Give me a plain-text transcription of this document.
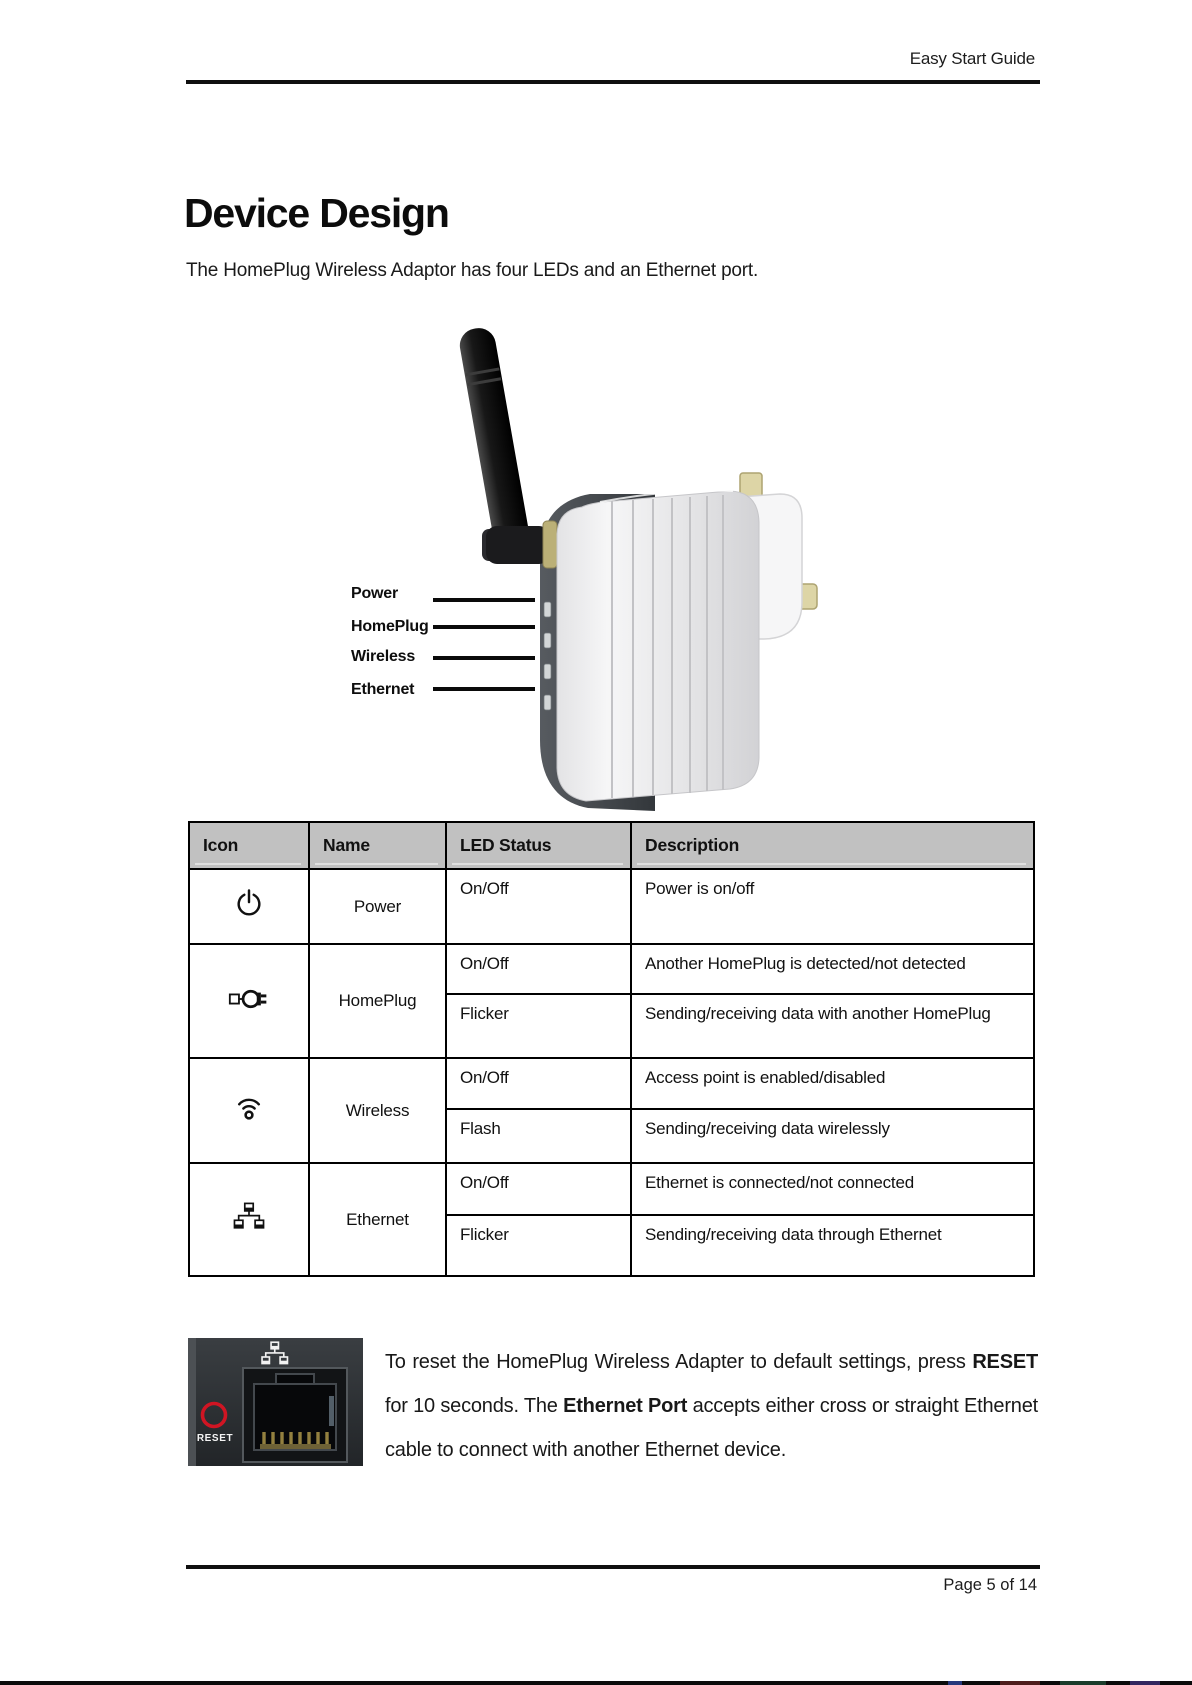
Easy Start Guide
Device Design
The HomePlug Wireless Adaptor has four LEDs and an Ethernet port.
Power
HomePlug
Wireless
Ethernet
Icon	Name	LED Status	Description
	Power	On/Off	Power is on/off
	HomePlug	On/Off	Another HomePlug is detected/not detected
		Flicker	Sending/receiving data with another HomePlug
	Wireless	On/Off	Access point is enabled/disabled
		Flash	Sending/receiving data wirelessly
	Ethernet	On/Off	Ethernet is connected/not connected
		Flicker	Sending/receiving data through Ethernet
RESET
To reset the HomePlug Wireless Adapter to default settings, press RESET for 10 seconds. The Ethernet Port accepts either cross or straight Ethernet cable to connect with another Ethernet device.
Page 5 of 14
